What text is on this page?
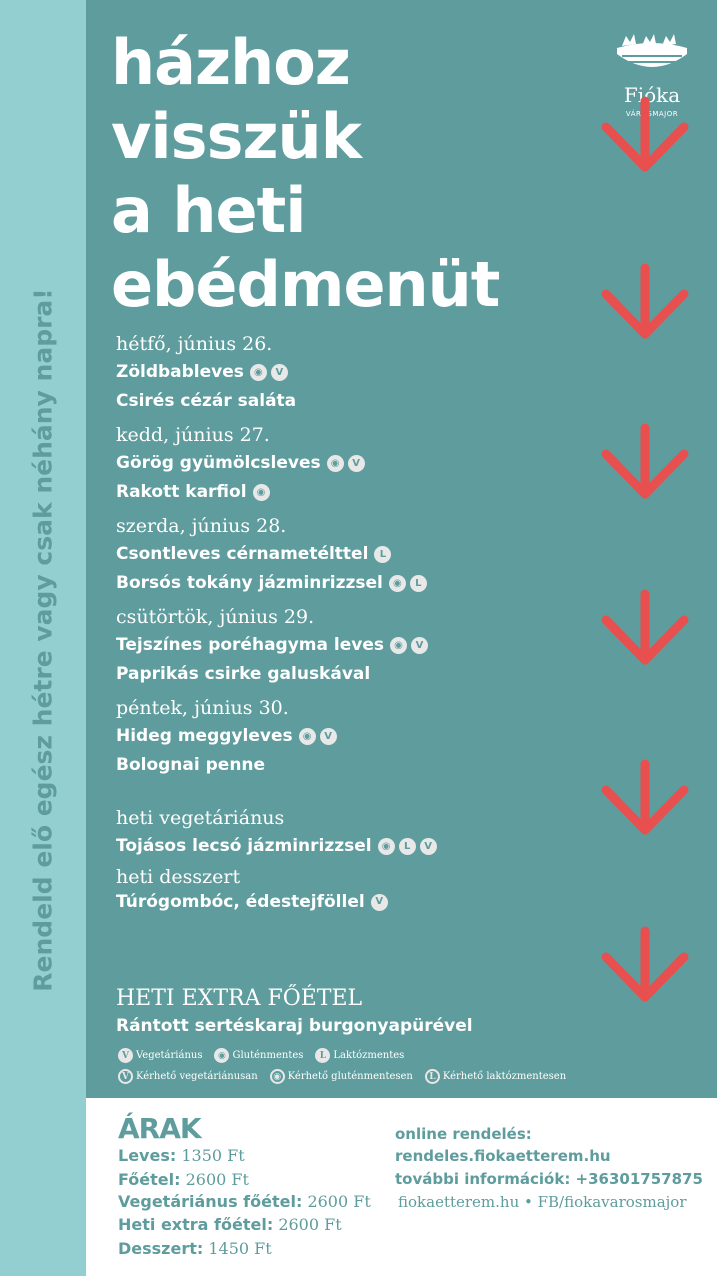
Rendeld elő egész hétre vagy csak néhány napra!
Fióka
VÁROSMAJOR
házhoz
visszük
a heti
ebédmenüt
hétfő, június 26.
Zöldbableves	◉	V
Csirés cézár saláta
kedd, június 27.
Görög gyümölcsleves	◉	V
Rakott karfiol	◉
szerda, június 28.
Csontleves cérnametélttel	L
Borsós tokány jázminrizzsel	◉	L
csütörtök, június 29.
Tejszínes poréhagyma leves	◉	V
Paprikás csirke galuskával
péntek, június 30.
Hideg meggyleves	◉	V
Bolognai penne
heti vegetáriánus
Tojásos lecsó jázminrizzsel	◉	L	V
heti desszert
Túrógombóc, édestejföllel	V
HETI EXTRA FŐÉTEL
Rántott sertéskaraj burgonyapürével
V Vegetáriánus	◉ Gluténmentes	L Laktózmentes
V Kérhető vegetáriánusan	◉ Kérhető gluténmentesen	L Kérhető laktózmentesen
ÁRAK
Leves: 1350 Ft
Főétel: 2600 Ft
Vegetáriánus főétel: 2600 Ft
Heti extra főétel: 2600 Ft
Desszert: 1450 Ft
online rendelés:
rendeles.fiokaetterem.hu
további információk: +36301757875
fiokaetterem.hu • FB/fiokavarosmajor
